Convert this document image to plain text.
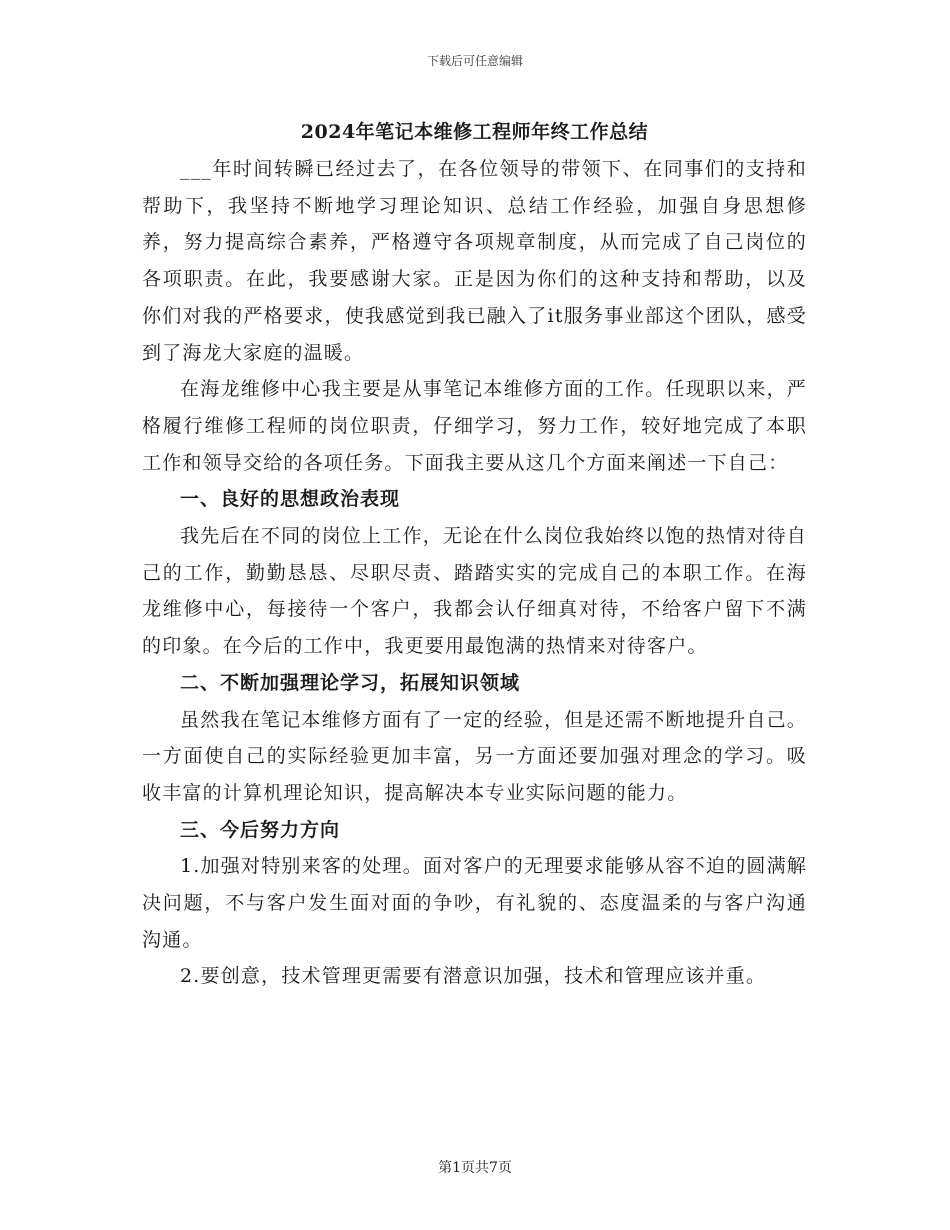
下载后可任意编辑
2024年笔记本维修工程师年终工作总结

___年时间转瞬已经过去了，在各位领导的带领下、在同事们的支持和帮助下，我坚持不断地学习理论知识、总结工作经验，加强自身思想修养，努力提高综合素养，严格遵守各项规章制度，从而完成了自己岗位的各项职责。在此，我要感谢大家。正是因为你们的这种支持和帮助，以及你们对我的严格要求，使我感觉到我已融入了it服务事业部这个团队，感受到了海龙大家庭的温暖。

在海龙维修中心我主要是从事笔记本维修方面的工作。任现职以来，严格履行维修工程师的岗位职责，仔细学习，努力工作，较好地完成了本职工作和领导交给的各项任务。下面我主要从这几个方面来阐述一下自己：

一、良好的思想政治表现

我先后在不同的岗位上工作，无论在什么岗位我始终以饱的热情对待自己的工作，勤勤恳恳、尽职尽责、踏踏实实的完成自己的本职工作。在海龙维修中心，每接待一个客户，我都会认仔细真对待，不给客户留下不满的印象。在今后的工作中，我更要用最饱满的热情来对待客户。

二、不断加强理论学习，拓展知识领域

虽然我在笔记本维修方面有了一定的经验，但是还需不断地提升自己。一方面使自己的实际经验更加丰富，另一方面还要加强对理念的学习。吸收丰富的计算机理论知识，提高解决本专业实际问题的能力。

三、今后努力方向

1.加强对特别来客的处理。面对客户的无理要求能够从容不迫的圆满解决问题，不与客户发生面对面的争吵，有礼貌的、态度温柔的与客户沟通沟通。

2.要创意，技术管理更需要有潜意识加强，技术和管理应该并重。

第1页共7页
